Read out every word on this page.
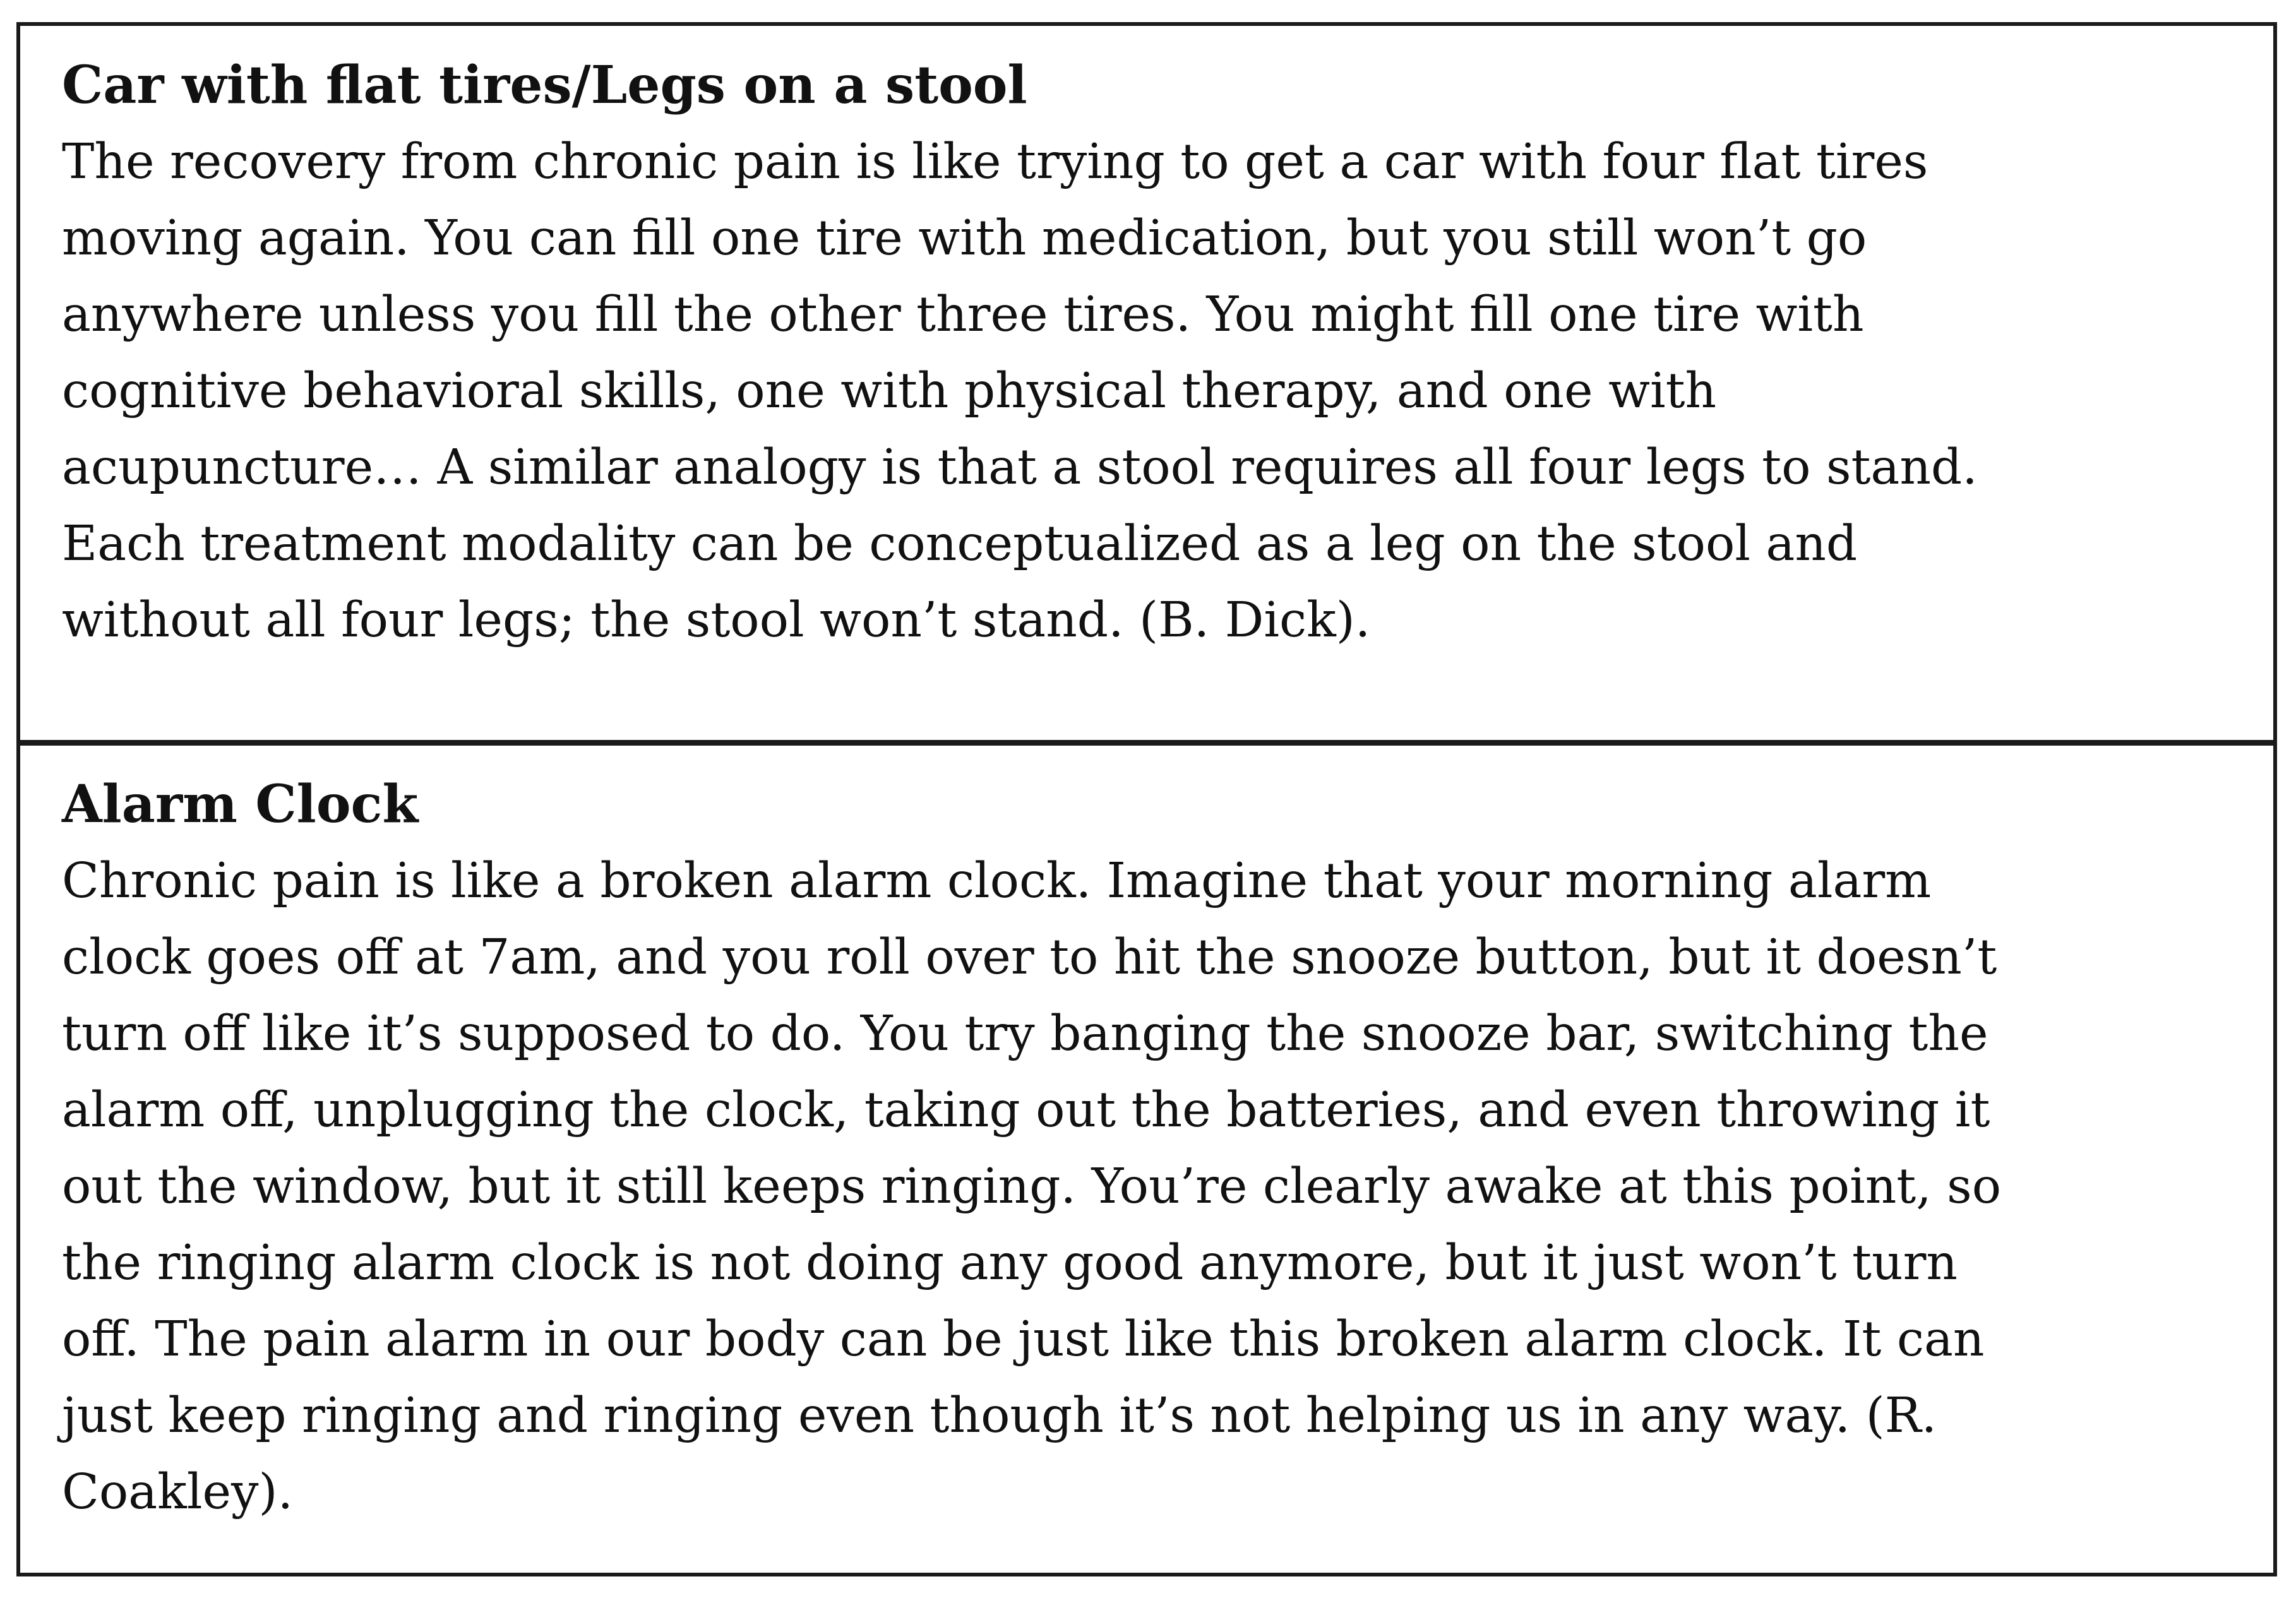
Car with flat tires/Legs on a stool

The recovery from chronic pain is like trying to get a car with four flat tires

moving again. You can fill one tire with medication, but you still won’t go

anywhere unless you fill the other three tires. You might fill one tire with

cognitive behavioral skills, one with physical therapy, and one with

acupuncture… A similar analogy is that a stool requires all four legs to stand.

Each treatment modality can be conceptualized as a leg on the stool and

without all four legs; the stool won’t stand. (B. Dick).

Alarm Clock

Chronic pain is like a broken alarm clock. Imagine that your morning alarm

clock goes off at 7am, and you roll over to hit the snooze button, but it doesn’t

turn off like it’s supposed to do. You try banging the snooze bar, switching the

alarm off, unplugging the clock, taking out the batteries, and even throwing it

out the window, but it still keeps ringing. You’re clearly awake at this point, so

the ringing alarm clock is not doing any good anymore, but it just won’t turn

off. The pain alarm in our body can be just like this broken alarm clock. It can

just keep ringing and ringing even though it’s not helping us in any way. (R.

Coakley).
